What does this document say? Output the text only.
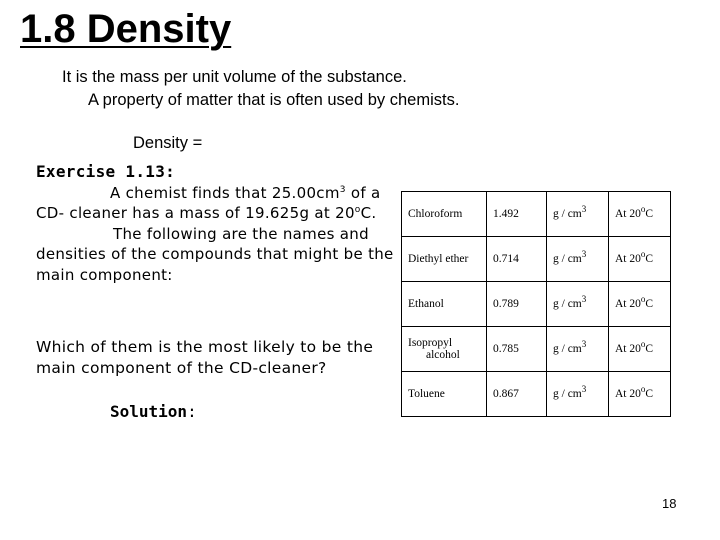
1.8 Density
It is the mass per unit volume of the substance.
A property of matter that is often used by chemists.
Density =

Exercise 1.13:

A chemist finds that $25.00cm^3$ of a CD- cleaner has a mass of 19.625g at 20$^o$C.

The following are the names and densities of the compounds that might be the main component:

Which of them is the most likely to be the main component of the CD-cleaner?
Solution:
Chloroform	1.492	g / $cm^3$	At 20$^o$C
Diethyl ether	0.714	g / $cm^3$	At 20$^o$C
Ethanol	0.789	g / $cm^3$	At 20$^o$C
Isopropyl
alcohol	0.785	g / $cm^3$	At 20$^o$C
Toluene	0.867	g / $cm^3$	At 20$^o$C
18
